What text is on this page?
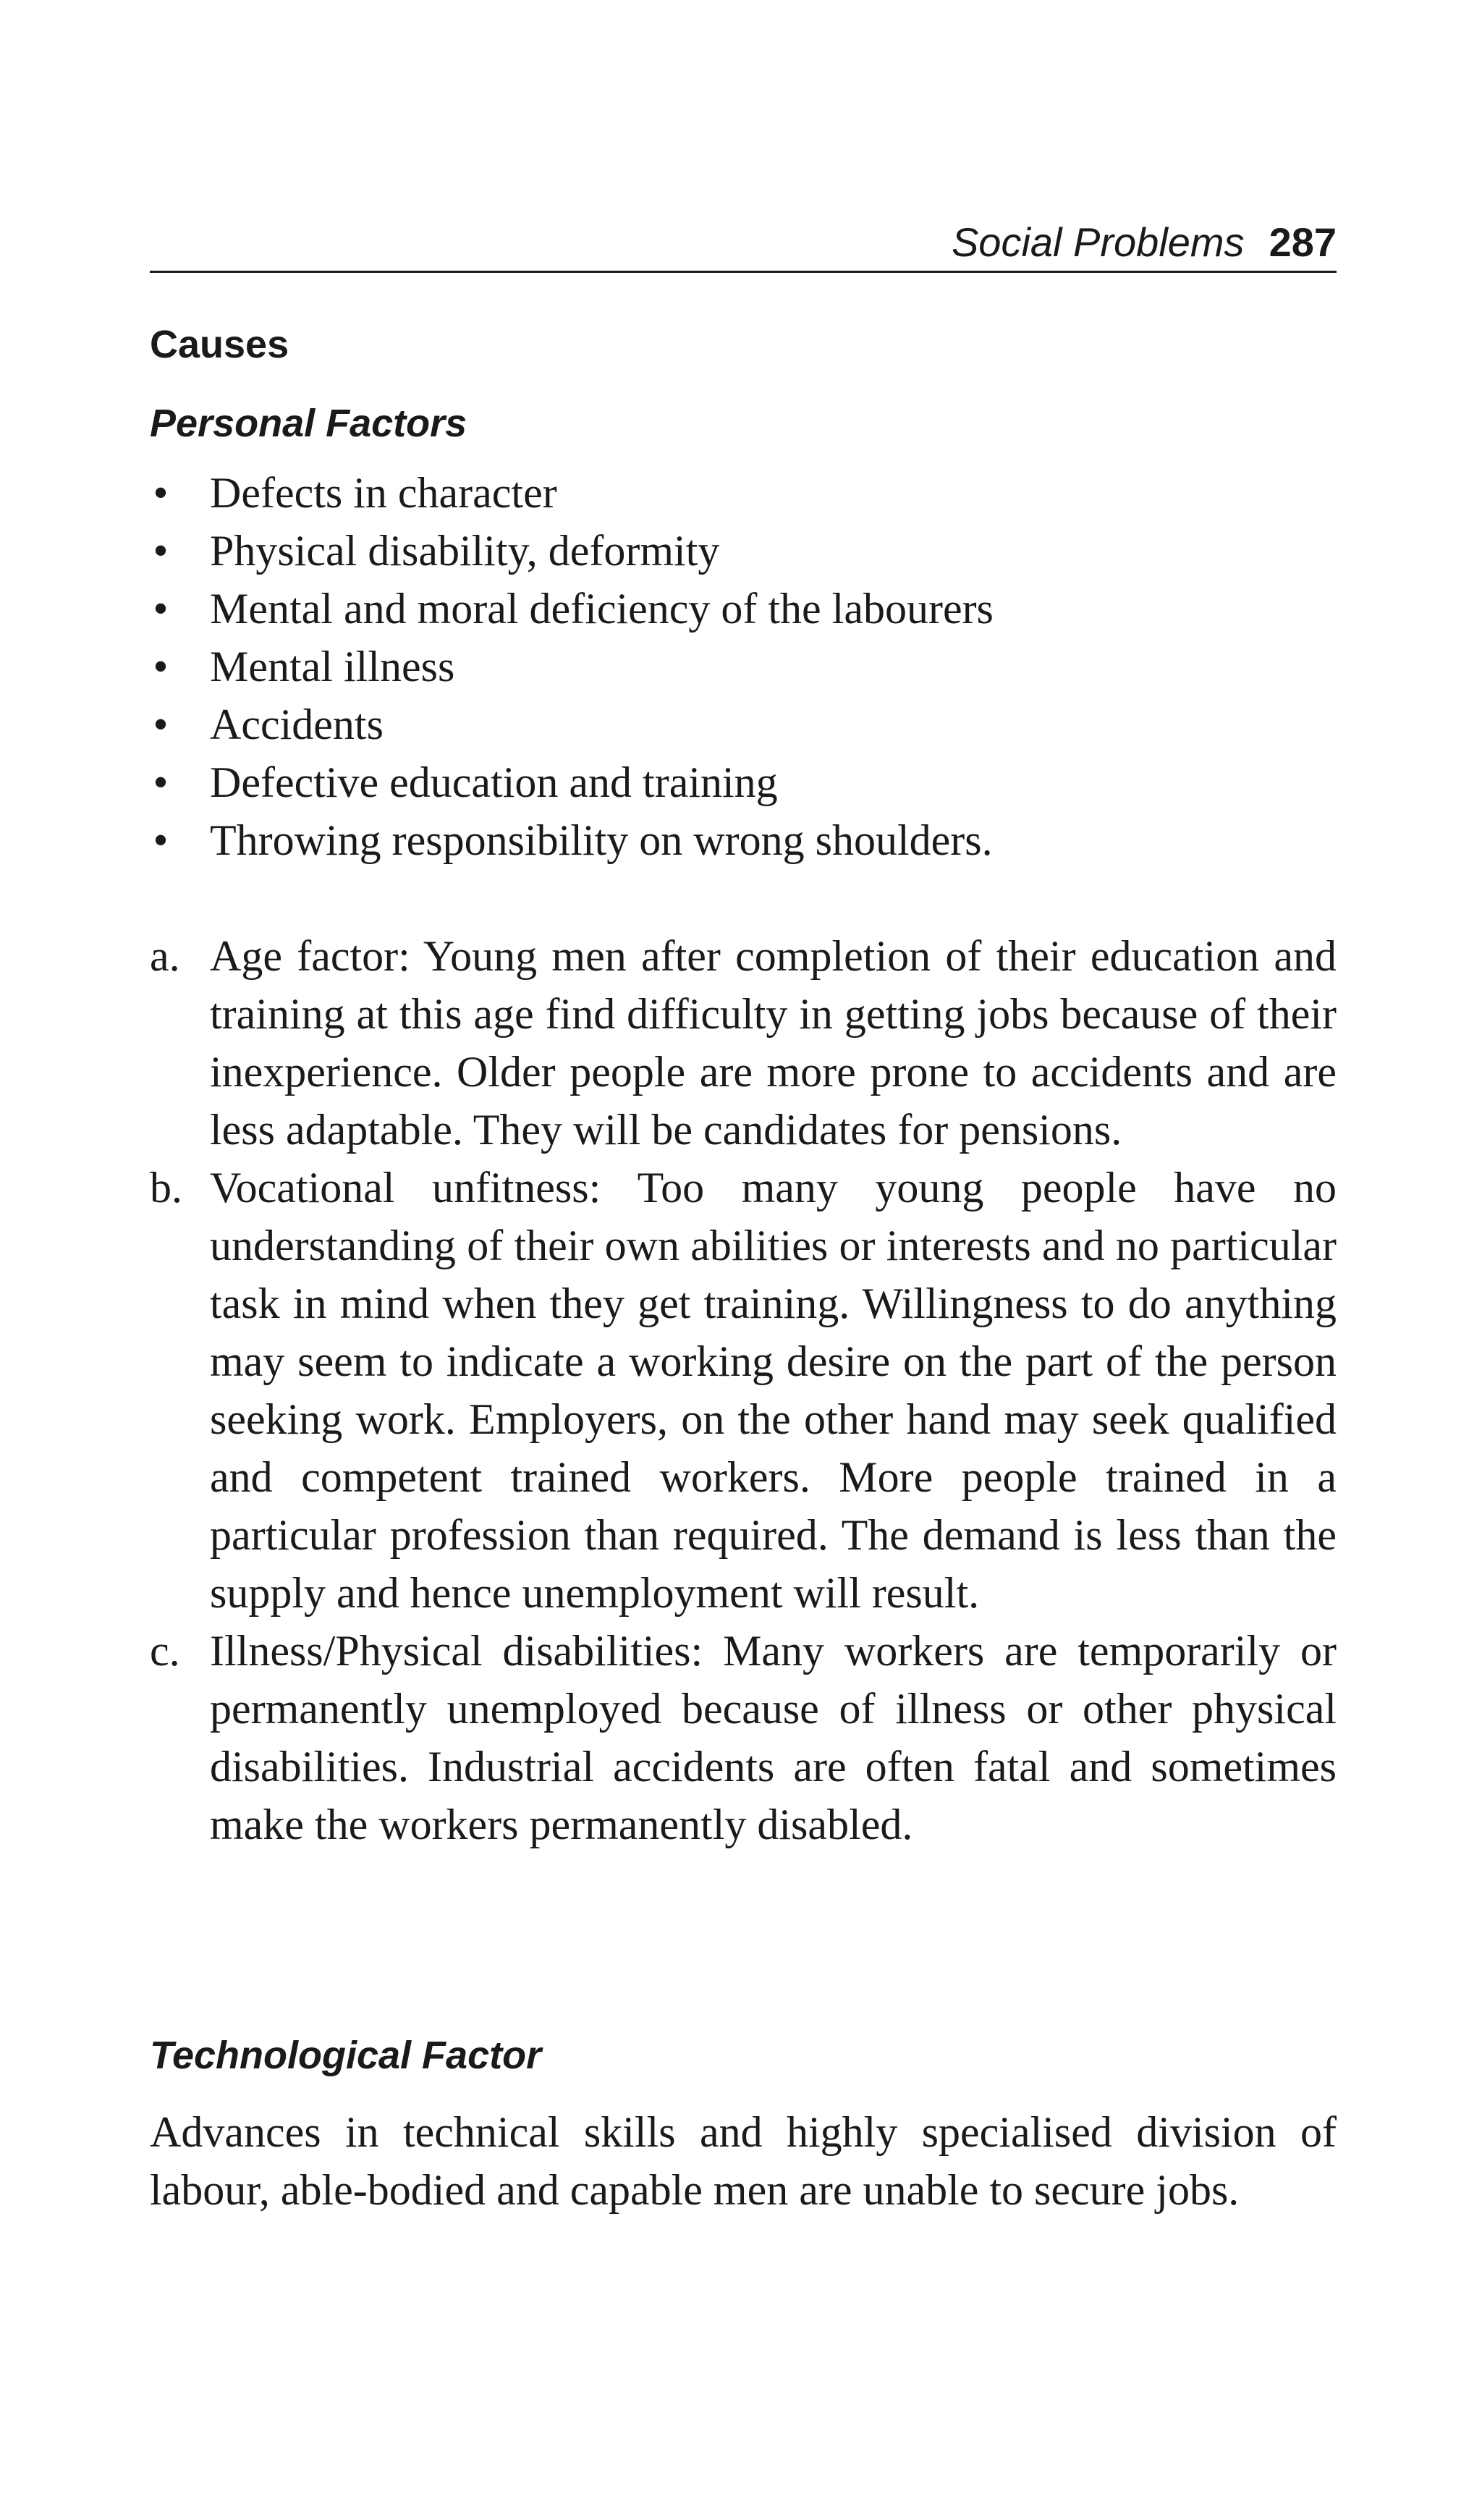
Social Problems 287
Causes
Personal Factors
• Defects in character
• Physical disability, deformity
• Mental and moral deficiency of the labourers
• Mental illness
• Accidents
• Defective education and training
• Throwing responsibility on wrong shoulders.
a. Age factor: Young men after completion of their education and training at this age find difficulty in getting jobs because of their inexperience. Older people are more prone to accidents and are less adaptable. They will be candidates for pensions.
b. Vocational unfitness: Too many young people have no understanding of their own abilities or interests and no particular task in mind when they get training. Willingness to do anything may seem to indicate a working desire on the part of the person seeking work. Employers, on the other hand may seek qualified and competent trained workers. More people trained in a particular profession than required. The demand is less than the supply and hence unemployment will result.
c. Illness/Physical disabilities: Many workers are temporarily or permanently unemployed because of illness or other physical disabilities. Industrial accidents are often fatal and sometimes make the workers permanently disabled.
Technological Factor

Advances in technical skills and highly specialised division of labour, able-bodied and capable men are unable to secure jobs.
